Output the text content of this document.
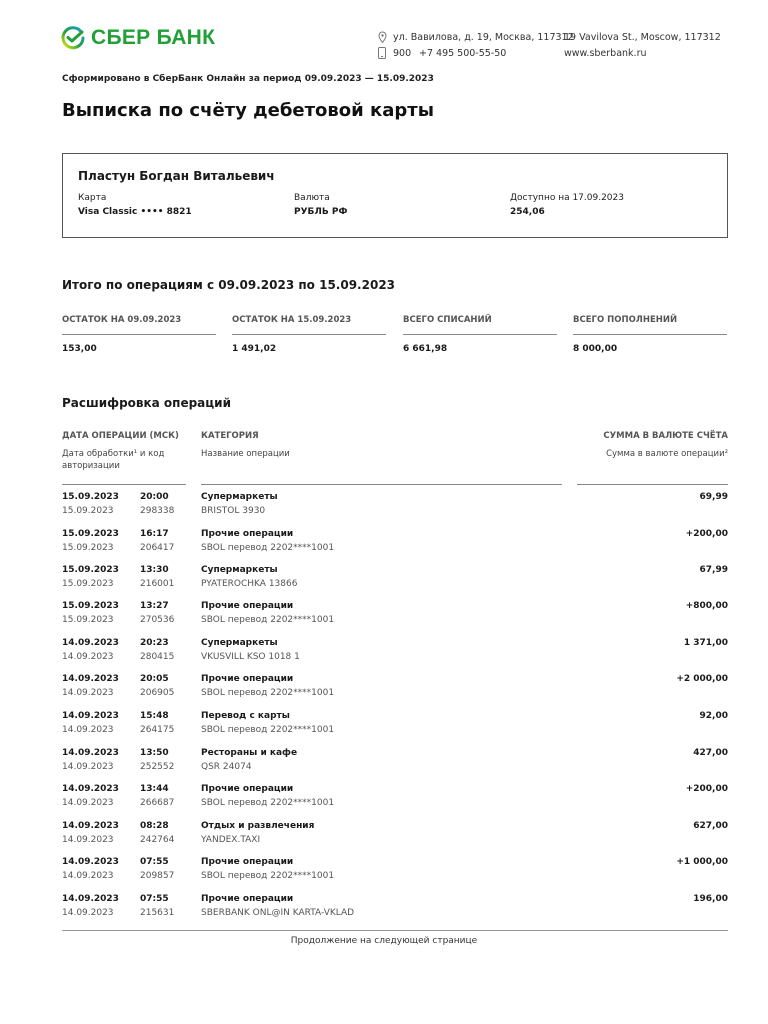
СБЕР БАНК	ул. Вавилова, д. 19, Москва, 117312
19 Vavilova St., Moscow, 117312
900 +7 495 500-55-50	www.sberbank.ru
Сформировано в СберБанк Онлайн за период 09.09.2023 — 15.09.2023
Выписка по счёту дебетовой карты
Пластун Богдан Витальевич
Карта
Visa Classic •••• 8821
Валюта
РУБЛЬ РФ
Доступно на 17.09.2023
254,06
Итого по операциям с 09.09.2023 по 15.09.2023
ОСТАТОК НА 09.09.2023
153,00
ОСТАТОК НА 15.09.2023
1 491,02
ВСЕГО СПИСАНИЙ
6 661,98
ВСЕГО ПОПОЛНЕНИЙ
8 000,00
Расшифровка операций
ДАТА ОПЕРАЦИИ (МСК)
Дата обработки¹ и код авторизации
КАТЕГОРИЯ
Название операции
СУММА В ВАЛЮТЕ СЧЁТА
Сумма в валюте операции²
15.09.2023 20:00	Супермаркеты	69,99
15.09.2023	298338	BRISTOL 3930
15.09.2023 16:17	Прочие операции	+200,00
15.09.2023	206417	SBOL перевод 2202****1001
15.09.2023 13:30	Супермаркеты	67,99
15.09.2023	216001	PYATEROCHKA 13866
15.09.2023 13:27	Прочие операции	+800,00
15.09.2023	270536	SBOL перевод 2202****1001
14.09.2023 20:23	Супермаркеты	1 371,00
14.09.2023	280415	VKUSVILL KSO 1018 1
14.09.2023 20:05	Прочие операции	+2 000,00
14.09.2023	206905	SBOL перевод 2202****1001
14.09.2023 15:48	Перевод с карты	92,00
14.09.2023	264175	SBOL перевод 2202****1001
14.09.2023 13:50	Рестораны и кафе	427,00
14.09.2023	252552	QSR 24074
14.09.2023 13:44	Прочие операции	+200,00
14.09.2023	266687	SBOL перевод 2202****1001
14.09.2023 08:28	Отдых и развлечения	627,00
14.09.2023	242764	YANDEX.TAXI
14.09.2023 07:55	Прочие операции	+1 000,00
14.09.2023	209857	SBOL перевод 2202****1001
14.09.2023 07:55	Прочие операции	196,00
14.09.2023	215631	SBERBANK ONL@IN KARTA-VKLAD
Продолжение на следующей странице
